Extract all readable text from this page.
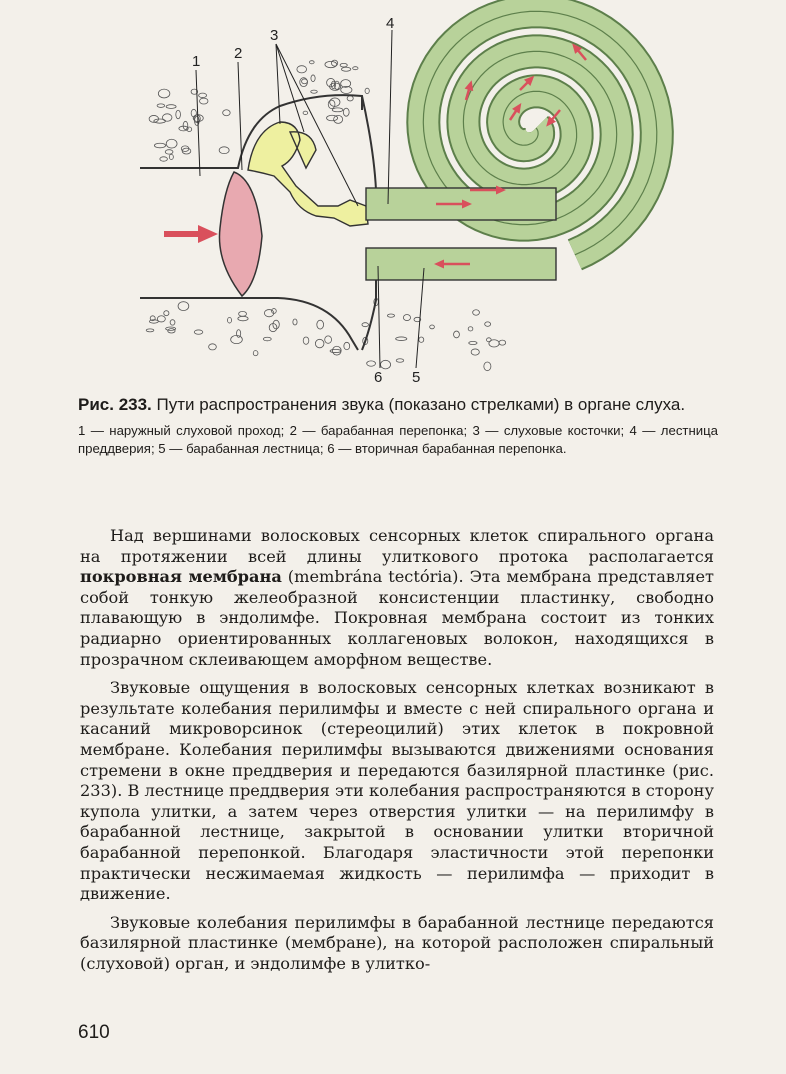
1 2
3
4
5
6

Рис. 233. Пути распространения звука (показано стрелками) в органе слуха.

1 — наружный слуховой проход; 2 — барабанная перепонка; 3 — слуховые косточки; 4 — лестница преддверия; 5 — барабанная лестница; 6 — вторичная барабанная перепонка.

Над вершинами волосковых сенсорных клеток спирального органа на протяжении всей длины улиткового протока располагается покровная мембрана (membrána tectória). Эта мембрана представляет собой тонкую желеобразной консистенции пластинку, свободно плавающую в эндолимфе. Покровная мембрана состоит из тонких радиарно ориентированных коллагеновых волокон, находящихся в прозрачном склеивающем аморфном веществе.

Звуковые ощущения в волосковых сенсорных клетках возникают в результате колебания перилимфы и вместе с ней спирального органа и касаний микроворсинок (стереоцилий) этих клеток в покровной мембране. Колебания перилимфы вызываются движениями основания стремени в окне преддверия и передаются базилярной пластинке (рис. 233). В лестнице преддверия эти колебания распространяются в сторону купола улитки, а затем через отверстия улитки — на перилимфу в барабанной лестнице, закрытой в основании улитки вторичной барабанной перепонкой. Благодаря эластичности этой перепонки практически несжимаемая жидкость — перилимфа — приходит в движение.

Звуковые колебания перилимфы в барабанной лестнице передаются базилярной пластинке (мембране), на которой расположен спиральный (слуховой) орган, и эндолимфе в улитко-

610
